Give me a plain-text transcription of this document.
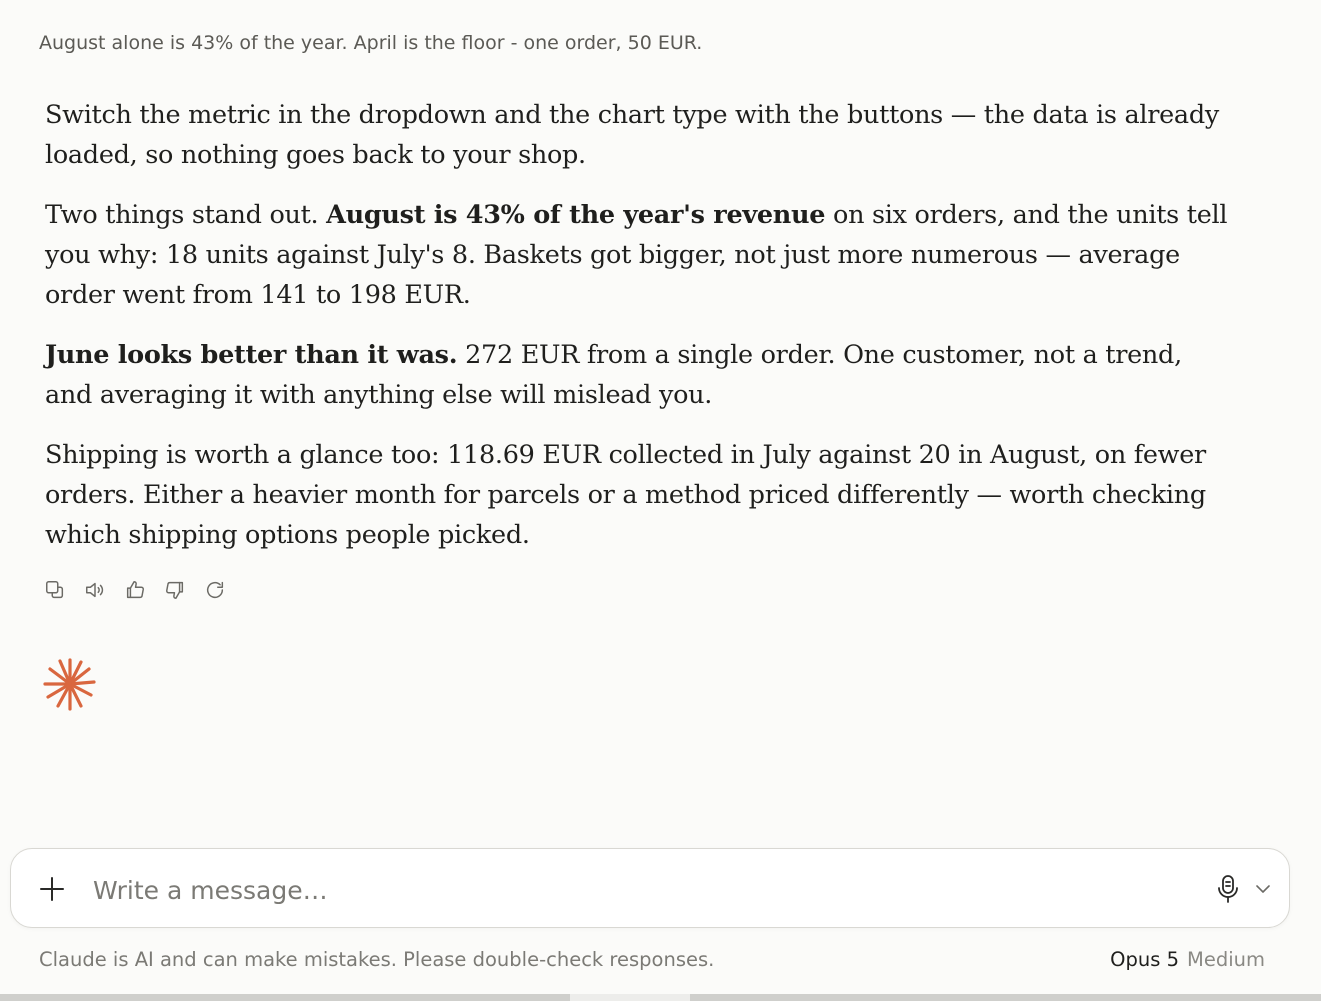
August alone is 43% of the year. April is the floor - one order, 50 EUR.

Switch the metric in the dropdown and the chart type with the buttons — the data is already loaded, so nothing goes back to your shop.

Two things stand out. August is 43% of the year's revenue on six orders, and the units tell you why: 18 units against July's 8. Baskets got bigger, not just more numerous — average order went from 141 to 198 EUR.

June looks better than it was. 272 EUR from a single order. One customer, not a trend, and averaging it with anything else will mislead you.

Shipping is worth a glance too: 118.69 EUR collected in July against 20 in August, on fewer orders. Either a heavier month for parcels or a method priced differently — worth checking which shipping options people picked.

Write a message…
Claude is AI and can make mistakes. Please double-check responses.	Opus 5 Medium
